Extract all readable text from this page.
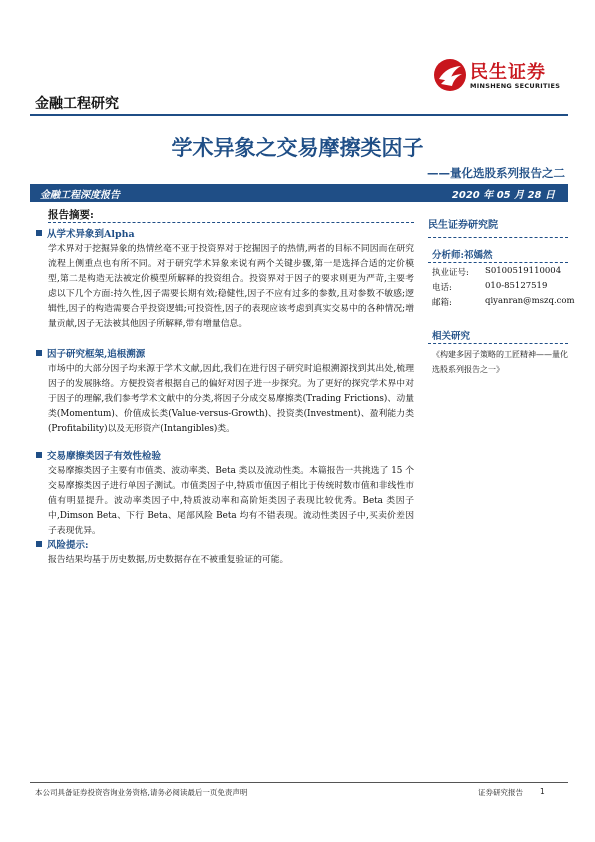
金融工程研究
民生证券
MINSHENG SECURITIES
学术异象之交易摩擦类因子
——量化选股系列报告之二
金融工程深度报告	2020 年 05 月 28 日
报告摘要:
从学术异象到Alpha
学术界对于挖掘异象的热情丝毫不亚于投资界对于挖掘因子的热情,两者的目标不同因而在研究流程上侧重点也有所不同。对于研究学术异象来说有两个关键步骤,第一是选择合适的定价模型,第二是构造无法被定价模型所解释的投资组合。投资界对于因子的要求则更为严苛,主要考虑以下几个方面:持久性,因子需要长期有效;稳健性,因子不应有过多的参数,且对参数不敏感;逻辑性,因子的构造需要合乎投资逻辑;可投资性,因子的表现应该考虑到真实交易中的各种情况;增量贡献,因子无法被其他因子所解释,带有增量信息。
因子研究框架,追根溯源
市场中的大部分因子均来源于学术文献,因此,我们在进行因子研究时追根溯源找到其出处,梳理因子的发展脉络。方便投资者根据自己的偏好对因子进一步探究。为了更好的探究学术界中对于因子的理解,我们参考学术文献中的分类,将因子分成交易摩擦类(Trading Frictions)、动量类(Momentum)、价值成长类(Value-versus-Growth)、投资类(Investment)、盈利能力类(Profitability)以及无形资产(Intangibles)类。
交易摩擦类因子有效性检验
交易摩擦类因子主要有市值类、波动率类、Beta 类以及流动性类。本篇报告一共挑选了 15 个交易摩擦类因子进行单因子测试。市值类因子中,特质市值因子相比于传统时数市值和非线性市值有明显提升。波动率类因子中,特质波动率和高阶矩类因子表现比较优秀。Beta 类因子中,Dimson Beta、下行 Beta、尾部风险 Beta 均有不错表现。流动性类因子中,买卖价差因子表现优异。
风险提示:
报告结果均基于历史数据,历史数据存在不被重复验证的可能。
民生证券研究院
分析师:祁嫣然
执业证号: S0100519110004
电话:	010-85127519
邮箱:	qiyanran@mszq.com
相关研究
《构建多因子策略的工匠精神——量化选股系列报告之一》
本公司具备证券投资咨询业务资格,请务必阅读最后一页免责声明	证券研究报告 1
